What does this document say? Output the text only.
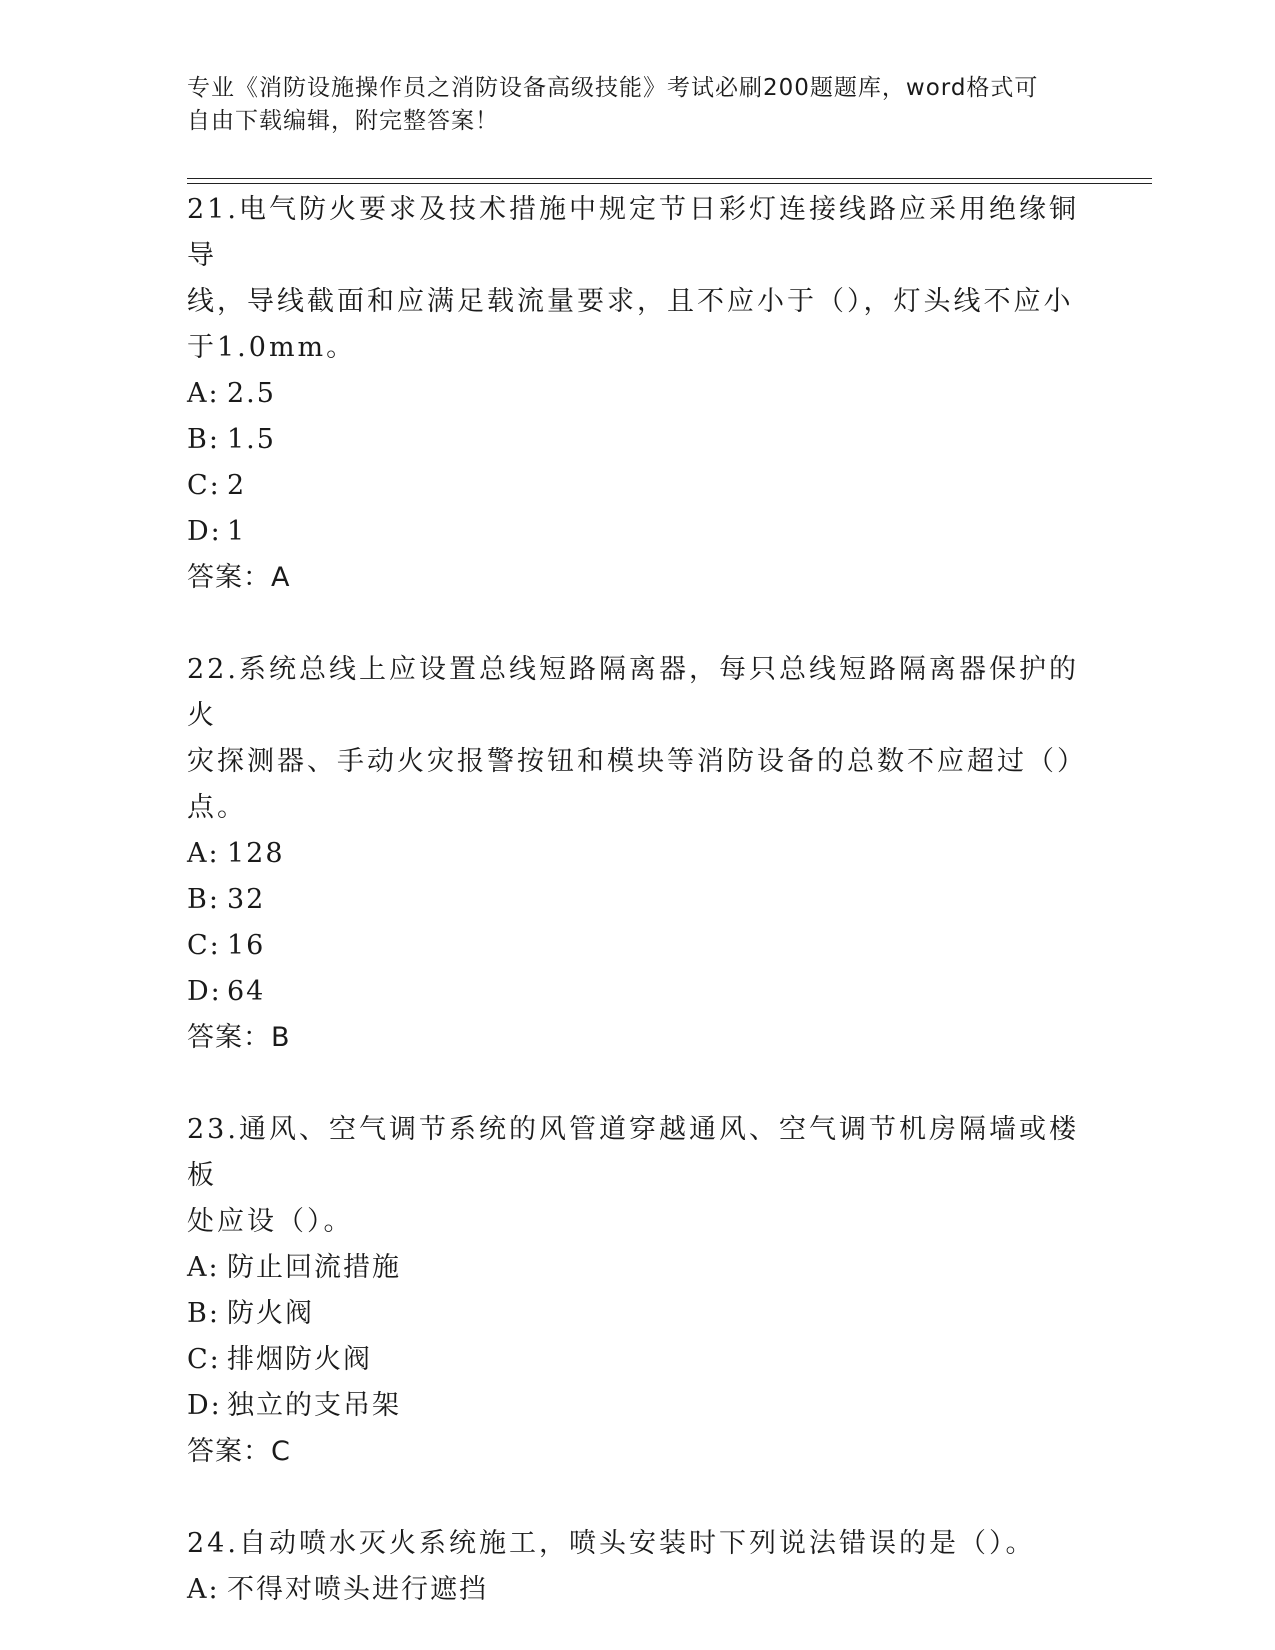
专业《消防设施操作员之消防设备高级技能》考试必刷200题题库，word格式可
自由下载编辑，附完整答案！
21.电气防火要求及技术措施中规定节日彩灯连接线路应采用绝缘铜导
线，导线截面和应满足载流量要求，且不应小于（），灯头线不应小
于1.0mm。
A: 2.5
B: 1.5
C: 2
D: 1
答案：A
22.系统总线上应设置总线短路隔离器，每只总线短路隔离器保护的火
灾探测器、手动火灾报警按钮和模块等消防设备的总数不应超过（）
点。
A: 128
B: 32
C: 16
D: 64
答案：B
23.通风、空气调节系统的风管道穿越通风、空气调节机房隔墙或楼板
处应设（）。
A: 防止回流措施
B: 防火阀
C: 排烟防火阀
D: 独立的支吊架
答案：C
24.自动喷水灭火系统施工，喷头安装时下列说法错误的是（）。
A: 不得对喷头进行遮挡
